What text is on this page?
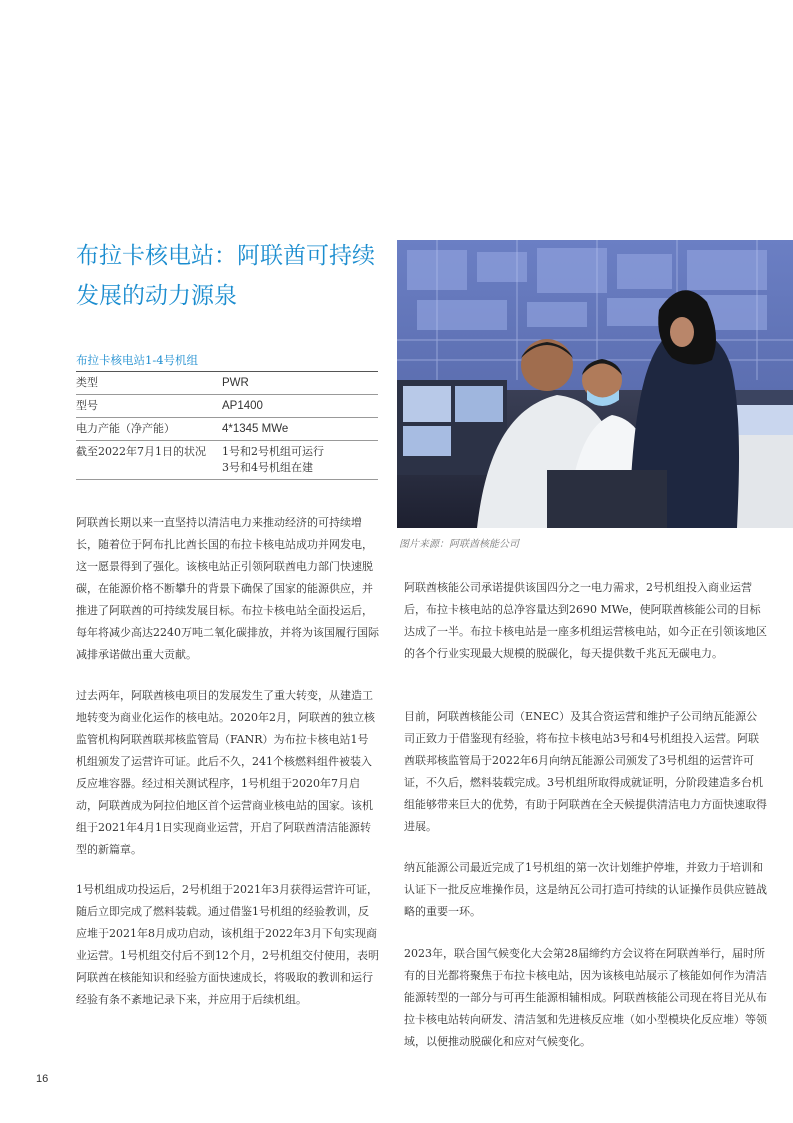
布拉卡核电站：阿联酋可持续发展的动力源泉
布拉卡核电站1-4号机组
类型	PWR
型号	AP1400
电力产能（净产能）	4*1345 MWe
截至2022年7月1日的状况	1号和2号机组可运行
3号和4号机组在建

阿联酋长期以来一直坚持以清洁电力来推动经济的可持续增长，随着位于阿布扎比酋长国的布拉卡核电站成功并网发电，这一愿景得到了强化。该核电站正引领阿联酋电力部门快速脱碳，在能源价格不断攀升的背景下确保了国家的能源供应，并推进了阿联酋的可持续发展目标。布拉卡核电站全面投运后，每年将减少高达2240万吨二氧化碳排放，并将为该国履行国际减排承诺做出重大贡献。

过去两年，阿联酋核电项目的发展发生了重大转变，从建造工地转变为商业化运作的核电站。2020年2月，阿联酋的独立核监管机构阿联酋联邦核监管局（FANR）为布拉卡核电站1号机组颁发了运营许可证。此后不久，241个核燃料组件被装入反应堆容器。经过相关测试程序，1号机组于2020年7月启动，阿联酋成为阿拉伯地区首个运营商业核电站的国家。该机组于2021年4月1日实现商业运营，开启了阿联酋清洁能源转型的新篇章。

1号机组成功投运后，2号机组于2021年3月获得运营许可证，随后立即完成了燃料装载。通过借鉴1号机组的经验教训，反应堆于2021年8月成功启动，该机组于2022年3月下旬实现商业运营。1号机组交付后不到12个月，2号机组交付使用，表明阿联酋在核能知识和经验方面快速成长，将吸取的教训和运行经验有条不紊地记录下来，并应用于后续机组。

图片来源：阿联酋核能公司

阿联酋核能公司承诺提供该国四分之一电力需求，2号机组投入商业运营后，布拉卡核电站的总净容量达到2690 MWe，使阿联酋核能公司的目标达成了一半。布拉卡核电站是一座多机组运营核电站，如今正在引领该地区的各个行业实现最大规模的脱碳化，每天提供数千兆瓦无碳电力。

目前，阿联酋核能公司（ENEC）及其合资运营和维护子公司纳瓦能源公司正致力于借鉴现有经验，将布拉卡核电站3号和4号机组投入运营。阿联酋联邦核监管局于2022年6月向纳瓦能源公司颁发了3号机组的运营许可证，不久后，燃料装载完成。3号机组所取得成就证明，分阶段建造多台机组能够带来巨大的优势，有助于阿联酋在全天候提供清洁电力方面快速取得进展。

纳瓦能源公司最近完成了1号机组的第一次计划维护停堆，并致力于培训和认证下一批反应堆操作员，这是纳瓦公司打造可持续的认证操作员供应链战略的重要一环。

2023年，联合国气候变化大会第28届缔约方会议将在阿联酋举行，届时所有的目光都将聚焦于布拉卡核电站，因为该核电站展示了核能如何作为清洁能源转型的一部分与可再生能源相辅相成。阿联酋核能公司现在将目光从布拉卡核电站转向研发、清洁氢和先进核反应堆（如小型模块化反应堆）等领域，以便推动脱碳化和应对气候变化。

16
